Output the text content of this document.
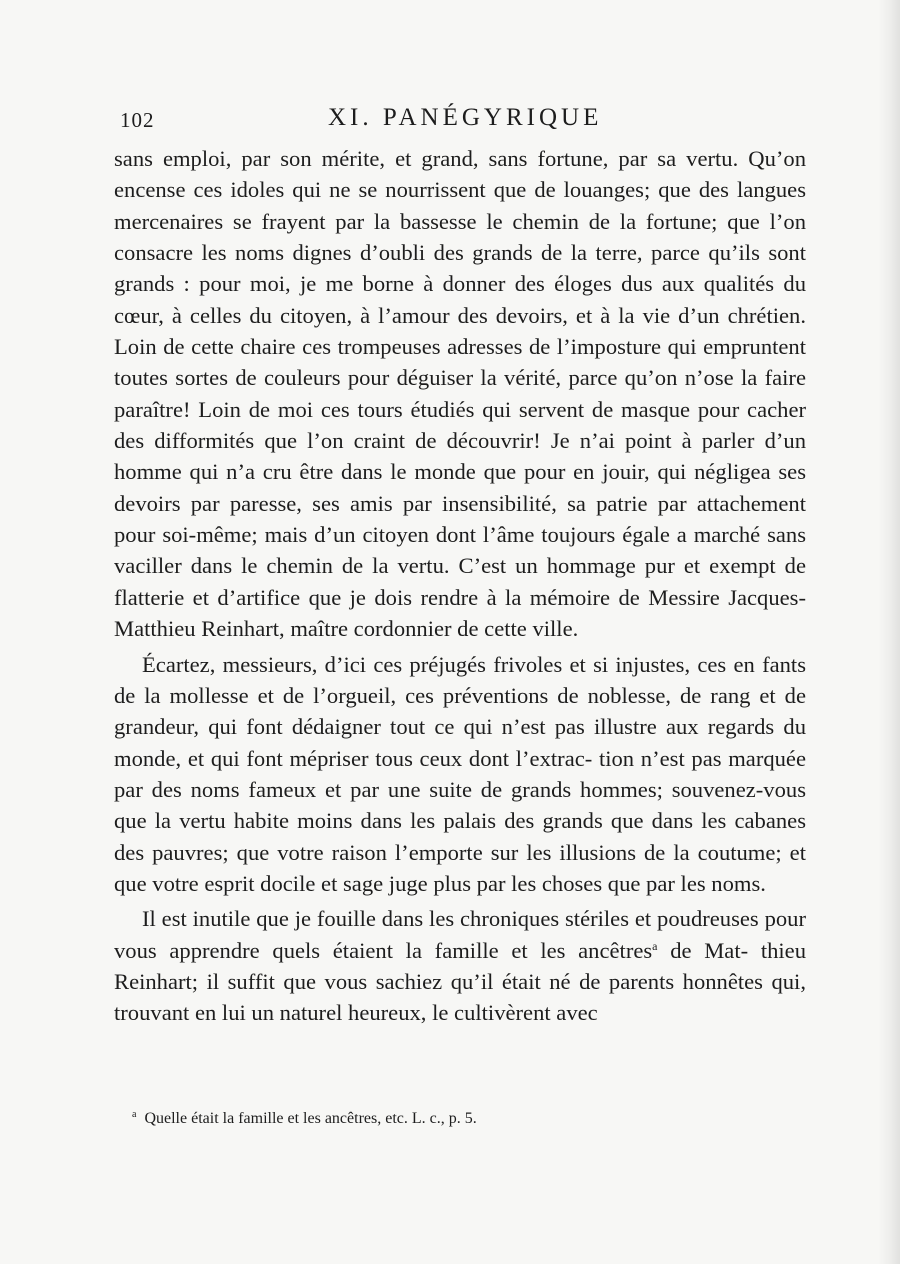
102	XI. PANÉGYRIQUE

sans emploi, par son mérite, et grand, sans fortune, par sa vertu. Qu’on encense ces idoles qui ne se nourrissent que de louanges; que des langues mercenaires se frayent par la bassesse le chemin de la fortune; que l’on consacre les noms dignes d’oubli des grands de la terre, parce qu’ils sont grands : pour moi, je me borne à donner des éloges dus aux qualités du cœur, à celles du citoyen, à l’amour des devoirs, et à la vie d’un chrétien. Loin de cette chaire ces trompeuses adresses de l’imposture qui empruntent toutes sortes de couleurs pour déguiser la vérité, parce qu’on n’ose la faire paraître! Loin de moi ces tours étudiés qui servent de masque pour cacher des difformités que l’on craint de découvrir! Je n’ai point à parler d’un homme qui n’a cru être dans le monde que pour en jouir, qui négligea ses devoirs par paresse, ses amis par insensibilité, sa patrie par attachement pour soi-même; mais d’un citoyen dont l’âme toujours égale a marché sans vaciller dans le chemin de la vertu. C’est un hommage pur et exempt de flatterie et d’artifice que je dois rendre à la mémoire de Messire Jacques-Matthieu Reinhart, maître cordonnier de cette ville.

Écartez, messieurs, d’ici ces préjugés frivoles et si injustes, ces en fants de la mollesse et de l’orgueil, ces préventions de noblesse, de rang et de grandeur, qui font dédaigner tout ce qui n’est pas illustre aux regards du monde, et qui font mépriser tous ceux dont l’extrac- tion n’est pas marquée par des noms fameux et par une suite de grands hommes; souvenez-vous que la vertu habite moins dans les palais des grands que dans les cabanes des pauvres; que votre raison l’emporte sur les illusions de la coutume; et que votre esprit docile et sage juge plus par les choses que par les noms.

Il est inutile que je fouille dans les chroniques stériles et poudreuses pour vous apprendre quels étaient la famille et les ancêtres$^a$ de Mat- thieu Reinhart; il suffit que vous sachiez qu’il était né de parents honnêtes qui, trouvant en lui un naturel heureux, le cultivèrent avec

$^a$ Quelle était la famille et les ancêtres, etc. L. c., p. 5.
